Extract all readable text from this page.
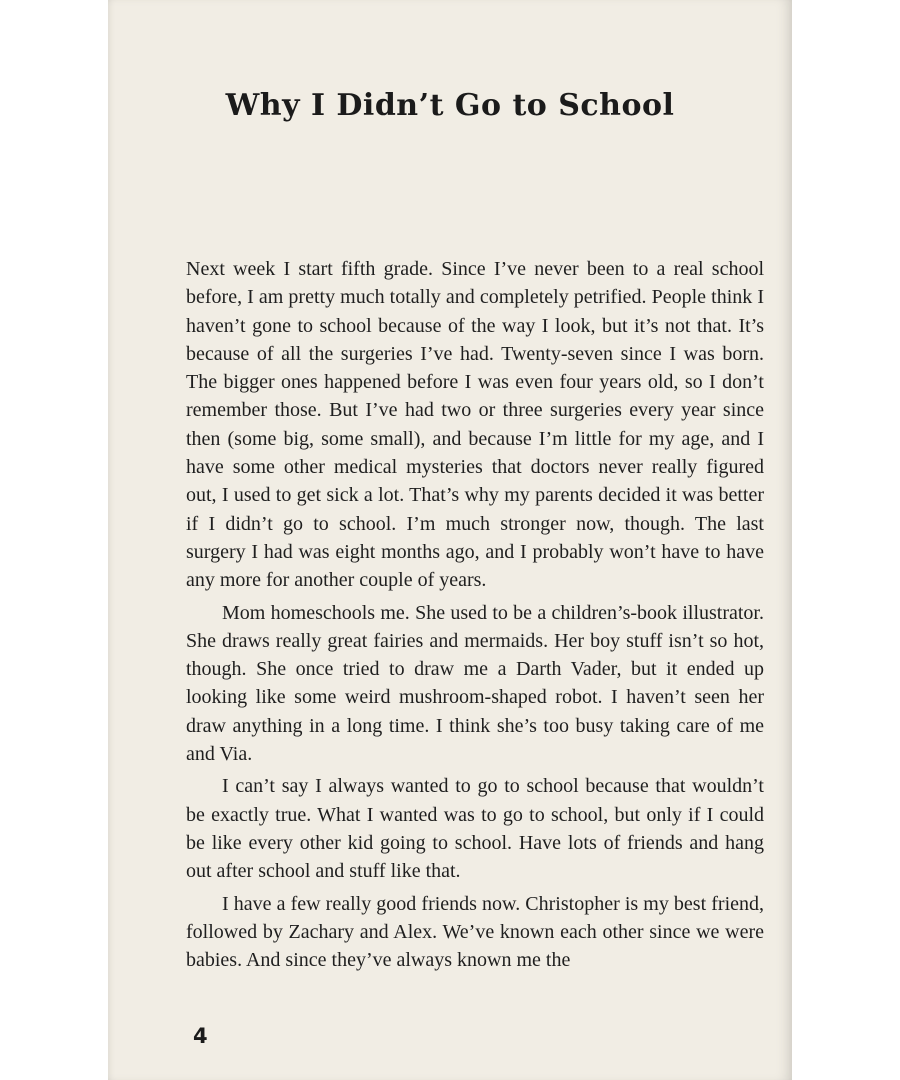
Why I Didn’t Go to School

Next week I start fifth grade. Since I’ve never been to a real school before, I am pretty much totally and completely petrified. People think I haven’t gone to school because of the way I look, but it’s not that. It’s because of all the surgeries I’ve had. Twenty-seven since I was born. The bigger ones happened before I was even four years old, so I don’t remember those. But I’ve had two or three surgeries every year since then (some big, some small), and because I’m little for my age, and I have some other medical mysteries that doctors never really figured out, I used to get sick a lot. That’s why my parents decided it was better if I didn’t go to school. I’m much stronger now, though. The last surgery I had was eight months ago, and I probably won’t have to have any more for another couple of years.

Mom homeschools me. She used to be a children’s-book illustrator. She draws really great fairies and mermaids. Her boy stuff isn’t so hot, though. She once tried to draw me a Darth Vader, but it ended up looking like some weird mushroom-shaped robot. I haven’t seen her draw anything in a long time. I think she’s too busy taking care of me and Via.

I can’t say I always wanted to go to school because that wouldn’t be exactly true. What I wanted was to go to school, but only if I could be like every other kid going to school. Have lots of friends and hang out after school and stuff like that.

I have a few really good friends now. Christopher is my best friend, followed by Zachary and Alex. We’ve known each other since we were babies. And since they’ve always known me the

4
